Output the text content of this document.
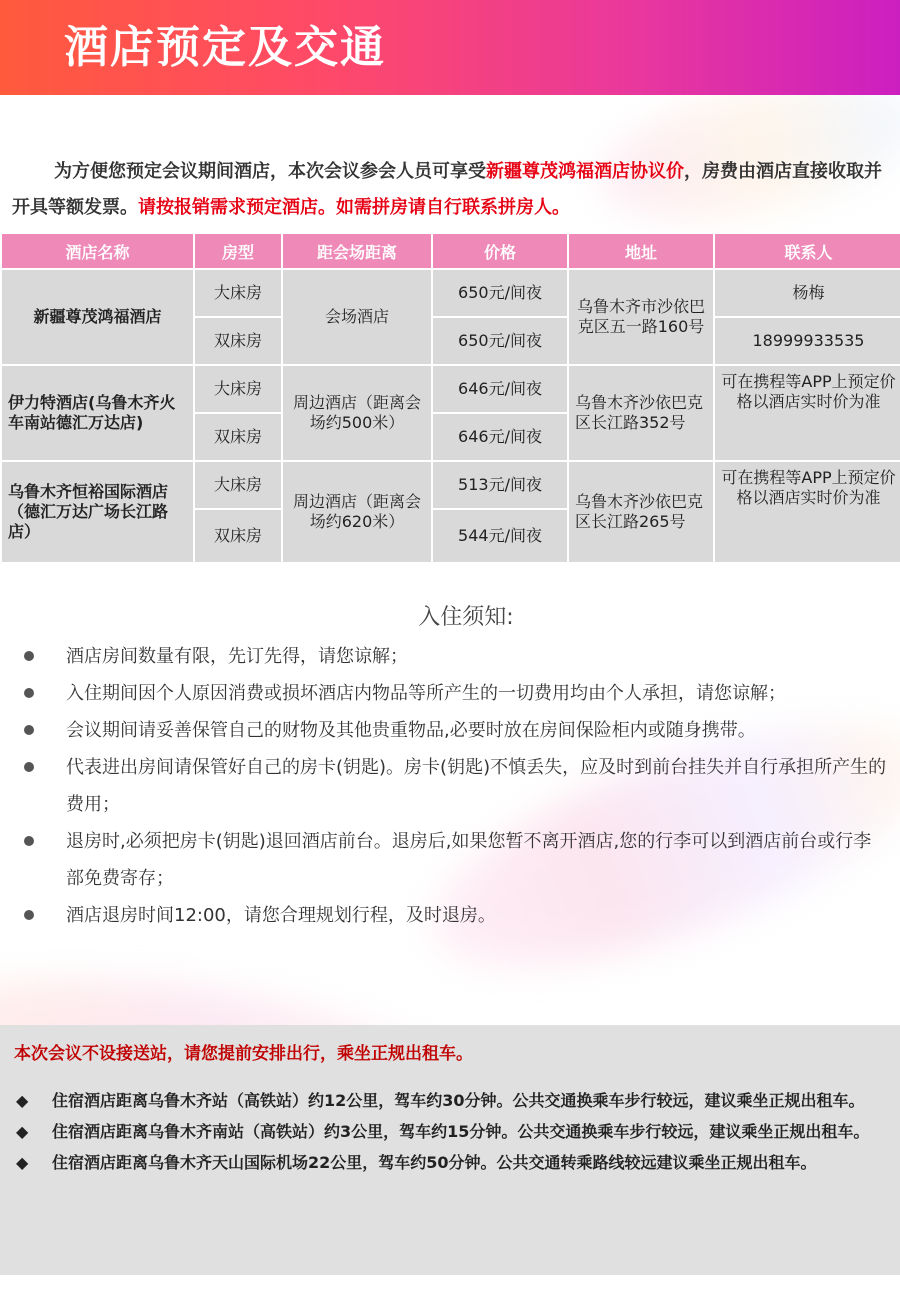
酒店预定及交通

为方便您预定会议期间酒店，本次会议参会人员可享受新疆尊茂鸿福酒店协议价，房费由酒店直接收取并开具等额发票。请按报销需求预定酒店。如需拼房请自行联系拼房人。

酒店名称	房型	距会场距离	价格	地址	联系人
新疆尊茂鸿福酒店	大床房	会场酒店	650元/间夜	乌鲁木齐市沙依巴克区五一路160号	杨梅
	双床房		650元/间夜		18999933535
伊力特酒店(乌鲁木齐火车南站德汇万达店)	大床房	周边酒店（距离会场约500米）	646元/间夜	乌鲁木齐沙依巴克区长江路352号	可在携程等APP上预定价格以酒店实时价为准
	双床房		646元/间夜		
乌鲁木齐恒裕国际酒店（德汇万达广场长江路店）	大床房	周边酒店（距离会场约620米）	513元/间夜	乌鲁木齐沙依巴克区长江路265号	可在携程等APP上预定价格以酒店实时价为准
	双床房		544元/间夜		
入住须知:
酒店房间数量有限，先订先得，请您谅解；
入住期间因个人原因消费或损坏酒店内物品等所产生的一切费用均由个人承担，请您谅解；
会议期间请妥善保管自己的财物及其他贵重物品,必要时放在房间保险柜内或随身携带。
代表进出房间请保管好自己的房卡(钥匙)。房卡(钥匙)不慎丢失，应及时到前台挂失并自行承担所产生的费用；
退房时,必须把房卡(钥匙)退回酒店前台。退房后,如果您暂不离开酒店,您的行李可以到酒店前台或行李部免费寄存；
酒店退房时间12:00，请您合理规划行程，及时退房。
本次会议不设接送站，请您提前安排出行，乘坐正规出租车。
◆ 住宿酒店距离乌鲁木齐站（高铁站）约12公里，驾车约30分钟。公共交通换乘车步行较远，建议乘坐正规出租车。
◆ 住宿酒店距离乌鲁木齐南站（高铁站）约3公里，驾车约15分钟。公共交通换乘车步行较远，建议乘坐正规出租车。
◆ 住宿酒店距离乌鲁木齐天山国际机场22公里，驾车约50分钟。公共交通转乘路线较远建议乘坐正规出租车。
